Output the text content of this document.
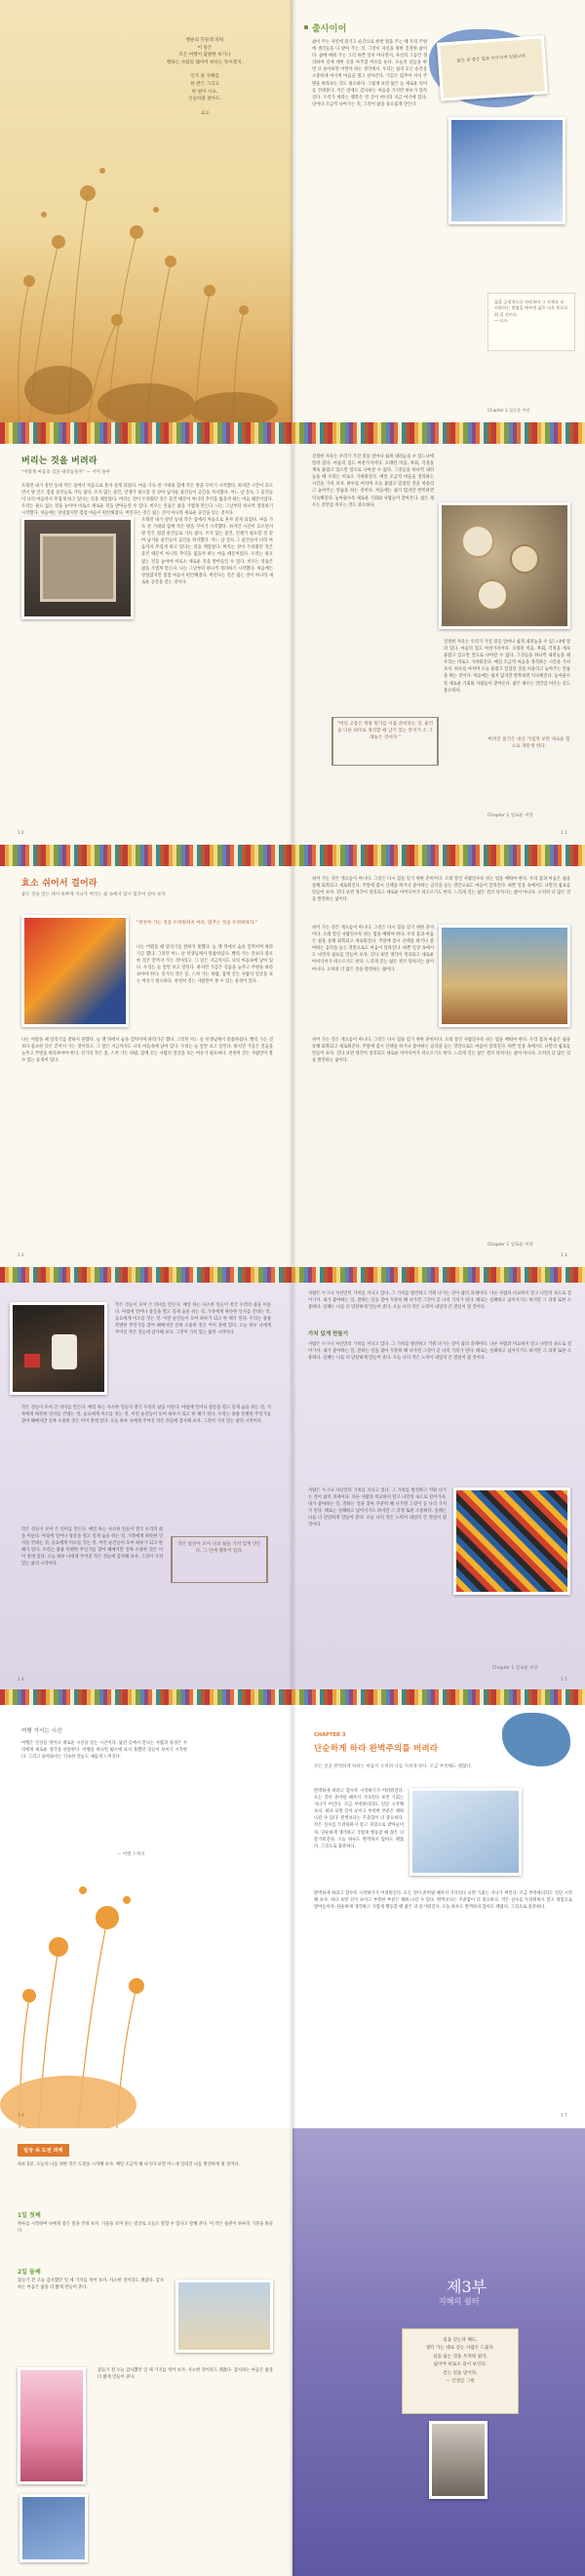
행운의 민들레 피워
이 앞은
모든 여행이 출발한 하기나
행하는 사람의 웨어어 한다는 뜻이겠지.
인가 살 사해를
한 번은 그리고
한 편이 시요,
산들바람 살아도.
요소
출사이어
삶이 주는 자연에 즐기고 순간으로 한번 빛을 주는 때 우리 주변에 생각들을 다 받아 주는 것, 그것이 자신을 위한 진정한 삶이다. 삶에 배워 가는 그리 바쁜 일이 아니면서, 자신의 그동안 정리하며 길에 대한 길을 마주할 여유를 둔다. 오늘의 날들을 한 번 더 돌아보면 어떨까 하는 생각에서. 우리는 삶의 모든 순간을 소중하게 여기며 마음을 열고 살아간다. 가끔은 멈추어 서서 주변을 바라보는 것도 필요하다. 그렇게 보면 삶은 늘 새로운 의미를 건네준다. 작은 일에도 감사하는 마음을 가지면 하루가 달라진다. 우리가 바라는 행복은 먼 곳이 아니라 지금 여기에 있다. 날마다 조금씩 나아가는 것, 그것이 삶을 풍요롭게 만든다.
삶은 곧 좋은 일로 이루어져 있습니다.
삶을 긍정적으로 바라보며 그 자체를 더 사랑하는 방법을 배우면 삶은 더욱 풍요로워 질 것이다.
— 요소
Chapter 1 일로운 씨앗
버리는 것을 버려라
"어떻게 마음의 짐을 내려놓을까" — 서미 솔루
오래전 내가 살던 동네 작은 집에서 처음으로 혼자 살게 되었다. 마음 가득 찬 기대와 함께 작은 방을 꾸미기 시작했다. 하지만 시간이 흐르면서 방 안은 점점 물건들로 가득 찼다. 쓰지 않는 물건, 언젠가 필요할 것 같아 남겨둔 물건들이 공간을 차지했다. 어느 날 문득 그 물건들이 나의 마음까지 무겁게 하고 있다는 것을 깨달았다. 버리는 것이 두려웠던 것은 물건 때문이 아니라 추억을 잃을까 하는 마음 때문이었다. 우리는 필요 없는 것을 놓아야 비로소 새로운 것을 받아들일 수 있다. 비우는 연습은 삶을 가볍게 만든다. 나는 그날부터 하나씩 정리하기 시작했다. 처음에는 망설였지만 점점 마음이 편안해졌다. 버린다는 것은 잃는 것이 아니라 새로운 공간을 얻는 것이다.
오래전 내가 살던 동네 작은 집에서 처음으로 혼자 살게 되었다. 마음 가득 찬 기대와 함께 작은 방을 꾸미기 시작했다. 하지만 시간이 흐르면서 방 안은 점점 물건들로 가득 찼다. 쓰지 않는 물건, 언젠가 필요할 것 같아 남겨둔 물건들이 공간을 차지했다. 어느 날 문득 그 물건들이 나의 마음까지 무겁게 하고 있다는 것을 깨달았다. 버리는 것이 두려웠던 것은 물건 때문이 아니라 추억을 잃을까 하는 마음 때문이었다. 우리는 필요 없는 것을 놓아야 비로소 새로운 것을 받아들일 수 있다. 비우는 연습은 삶을 가볍게 만든다. 나는 그날부터 하나씩 정리하기 시작했다. 처음에는 망설였지만 점점 마음이 편안해졌다. 버린다는 것은 잃는 것이 아니라 새로운 공간을 얻는 것이다.
1 0
진정한 자유는 우리가 가진 것을 얼마나 쉽게 내려놓을 수 있느냐에 달려 있다. 마음의 짐도 마찬가지이다. 오래된 미움, 후회, 걱정을 계속 붙잡고 있으면 앞으로 나아갈 수 없다. 그것들을 하나씩 내려놓을 때 우리는 비로소 가벼워진다. 매일 조금씩 마음을 정리하는 시간을 가져 보자. 하루를 마치며 오늘 붙잡고 있었던 것을 떠올리고 놓아주는 연습을 하는 것이다. 처음에는 쉽지 않지만 반복하면 익숙해진다. 놓아줄수록 새로운 기회와 사람들이 찾아온다. 삶은 채우는 것만큼 비우는 것도 중요하다.
"버린 고통은 정말 원가를 이룰 준비라는 것, 물건을 다른 의미로 정리할 때 남기 있는 만지기 소 그래놓은 것이다."
진정한 자유는 우리가 가진 것을 얼마나 쉽게 내려놓을 수 있느냐에 달려 있다. 마음의 짐도 마찬가지이다. 오래된 미움, 후회, 걱정을 계속 붙잡고 있으면 앞으로 나아갈 수 없다. 그것들을 하나씩 내려놓을 때 우리는 비로소 가벼워진다. 매일 조금씩 마음을 정리하는 시간을 가져 보자. 하루를 마치며 오늘 붙잡고 있었던 것을 떠올리고 놓아주는 연습을 하는 것이다. 처음에는 쉽지 않지만 반복하면 익숙해진다. 놓아줄수록 새로운 기회와 사람들이 찾아온다. 삶은 채우는 것만큼 비우는 것도 중요하다.
버려진 물건은 대신 가볍게 보면 새로운 힘으로 재탄생 한다.
Chapter 1 일로운 씨앗
1 1
효소 쉬어서 걸어라
좋은 것을 얻는 데서 바쁘게 지나가 버리는 삶 속에서 잠시 멈추어 걸어 보자.
"천천히 가는 것을 두려워하지 마라. 멈추는 것을 두려워하라."
나는 어렸을 때 달리기를 잘하지 못했다. 늘 맨 뒤에서 숨을 헐떡이며 따라가곤 했다. 그러던 어느 날 선생님께서 말씀하셨다. 빨리 가는 것보다 중요한 것은 끝까지 가는 것이라고. 그 말은 지금까지도 나의 마음속에 남아 있다. 우리는 늘 앞만 보고 달린다. 하지만 가끔은 걸음을 늦추고 주변을 바라보아야 한다. 길가의 작은 꽃, 스쳐 가는 바람, 함께 걷는 사람의 얼굴을 보는 여유가 필요하다. 천천히 걷는 사람만이 볼 수 있는 풍경이 있다.
나는 어렸을 때 달리기를 잘하지 못했다. 늘 맨 뒤에서 숨을 헐떡이며 따라가곤 했다. 그러던 어느 날 선생님께서 말씀하셨다. 빨리 가는 것보다 중요한 것은 끝까지 가는 것이라고. 그 말은 지금까지도 나의 마음속에 남아 있다. 우리는 늘 앞만 보고 달린다. 하지만 가끔은 걸음을 늦추고 주변을 바라보아야 한다. 길가의 작은 꽃, 스쳐 가는 바람, 함께 걷는 사람의 얼굴을 보는 여유가 필요하다. 천천히 걷는 사람만이 볼 수 있는 풍경이 있다.
1 2
쉬어 가는 것은 게으름이 아니다. 그것은 다시 힘을 얻기 위한 준비이다. 오래 달린 사람일수록 쉬는 법을 배워야 한다. 우리 몸과 마음은 쉼을 통해 회복되고 새로워진다. 주말에 잠시 산책을 하거나 좋아하는 음악을 듣는 것만으로도 마음이 달라진다. 바쁜 일상 속에서도 나만의 쉼표를 만들어 보자. 걷다 보면 생각이 정리되고 새로운 아이디어가 떠오르기도 한다. 느리게 걷는 삶은 결코 뒤처지는 삶이 아니다. 오히려 더 많은 것을 발견하는 삶이다.
쉬어 가는 것은 게으름이 아니다. 그것은 다시 힘을 얻기 위한 준비이다. 오래 달린 사람일수록 쉬는 법을 배워야 한다. 우리 몸과 마음은 쉼을 통해 회복되고 새로워진다. 주말에 잠시 산책을 하거나 좋아하는 음악을 듣는 것만으로도 마음이 달라진다. 바쁜 일상 속에서도 나만의 쉼표를 만들어 보자. 걷다 보면 생각이 정리되고 새로운 아이디어가 떠오르기도 한다. 느리게 걷는 삶은 결코 뒤처지는 삶이 아니다. 오히려 더 많은 것을 발견하는 삶이다.
쉬어 가는 것은 게으름이 아니다. 그것은 다시 힘을 얻기 위한 준비이다. 오래 달린 사람일수록 쉬는 법을 배워야 한다. 우리 몸과 마음은 쉼을 통해 회복되고 새로워진다. 주말에 잠시 산책을 하거나 좋아하는 음악을 듣는 것만으로도 마음이 달라진다. 바쁜 일상 속에서도 나만의 쉼표를 만들어 보자. 걷다 보면 생각이 정리되고 새로운 아이디어가 떠오르기도 한다. 느리게 걷는 삶은 결코 뒤처지는 삶이 아니다. 오히려 더 많은 것을 발견하는 삶이다.
Chapter 1 일로운 씨앗
1 3
작은 것들이 모여 큰 의미를 만든다. 매일 하는 사소한 일들이 결국 우리의 삶을 이룬다. 아침에 일어나 창문을 열고 깊게 숨을 쉬는 것, 가족에게 따뜻한 인사를 건네는 것, 동료에게 미소를 짓는 것. 이런 순간들이 모여 하루가 되고 한 해가 된다. 우리는 종종 특별한 무언가를 찾아 헤매지만 진짜 소중한 것은 이미 곁에 있다. 오늘 하루 나에게 주어진 작은 것들에 감사해 보자. 그것이 가치 있는 삶의 시작이다.
작은 것들이 모여 큰 의미를 만든다. 매일 하는 사소한 일들이 결국 우리의 삶을 이룬다. 아침에 일어나 창문을 열고 깊게 숨을 쉬는 것, 가족에게 따뜻한 인사를 건네는 것, 동료에게 미소를 짓는 것. 이런 순간들이 모여 하루가 되고 한 해가 된다. 우리는 종종 특별한 무언가를 찾아 헤매지만 진짜 소중한 것은 이미 곁에 있다. 오늘 하루 나에게 주어진 작은 것들에 감사해 보자. 그것이 가치 있는 삶의 시작이다.
작은 것들이 모여 큰 의미를 만든다. 매일 하는 사소한 일들이 결국 우리의 삶을 이룬다. 아침에 일어나 창문을 열고 깊게 숨을 쉬는 것, 가족에게 따뜻한 인사를 건네는 것, 동료에게 미소를 짓는 것. 이런 순간들이 모여 하루가 되고 한 해가 된다. 우리는 종종 특별한 무언가를 찾아 헤매지만 진짜 소중한 것은 이미 곁에 있다. 오늘 하루 나에게 주어진 작은 것들에 감사해 보자. 그것이 가치 있는 삶의 시작이다.
작은 일상이 모여 나의 삶을 가치 있게 만든다. 그 안에 행복이 있다.
1 4
사람은 누구나 자신만의 가치를 지니고 있다. 그 가치를 발견하고 키워 나가는 것이 삶의 과제이다. 다른 사람과 비교하지 말고 나만의 속도로 걸어가자. 내가 좋아하는 일, 잘하는 일을 찾아 꾸준히 해 나가면 그것이 곧 나의 가치가 된다. 때로는 실패하고 넘어지기도 하지만 그 과정 또한 소중하다. 실패는 나를 더 단단하게 만들어 준다. 오늘 나의 작은 노력이 내일의 큰 결실이 될 것이다.
가치 있게 만들기
사람은 누구나 자신만의 가치를 지니고 있다. 그 가치를 발견하고 키워 나가는 것이 삶의 과제이다. 다른 사람과 비교하지 말고 나만의 속도로 걸어가자. 내가 좋아하는 일, 잘하는 일을 찾아 꾸준히 해 나가면 그것이 곧 나의 가치가 된다. 때로는 실패하고 넘어지기도 하지만 그 과정 또한 소중하다. 실패는 나를 더 단단하게 만들어 준다. 오늘 나의 작은 노력이 내일의 큰 결실이 될 것이다.
사람은 누구나 자신만의 가치를 지니고 있다. 그 가치를 발견하고 키워 나가는 것이 삶의 과제이다. 다른 사람과 비교하지 말고 나만의 속도로 걸어가자. 내가 좋아하는 일, 잘하는 일을 찾아 꾸준히 해 나가면 그것이 곧 나의 가치가 된다. 때로는 실패하고 넘어지기도 하지만 그 과정 또한 소중하다. 실패는 나를 더 단단하게 만들어 준다. 오늘 나의 작은 노력이 내일의 큰 결실이 될 것이다.
Chapter 1 일로운 씨앗
1 5
여행 가서는 시선
여행은 일상을 벗어나 새로운 시선을 얻는 시간이다. 낯선 곳에서 만나는 사람과 풍경은 우리에게 새로운 생각을 선물한다. 여행을 떠나면 평소에 보지 못했던 것들이 보이기 시작한다. 그리고 돌아와서는 익숙한 것들도 새롭게 느껴진다.
— 여행 스케치
1 6
CHAPTER 3
단순하게 하라 완벽주의를 버려라
모든 것을 완벽하게 하려는 마음이 오히려 나를 지치게 한다. 조금 부족해도 괜찮다.
완벽하게 하려고 할수록 시작하기가 어려워진다. 모든 것이 준비될 때까지 기다리다 보면 기회는 지나가 버린다. 조금 부족하더라도 일단 시작해 보자. 하다 보면 길이 보이고 부족한 부분은 채워 나갈 수 있다. 완벽보다는 꾸준함이 더 중요하다. 작은 실수를 두려워하지 말고 경험으로 받아들이자. 단순하게 생각하고 가볍게 행동할 때 삶은 더 즐거워진다. 오늘 하루도 완벽하지 않아도 괜찮다. 그것으로 충분하다.
완벽하게 하려고 할수록 시작하기가 어려워진다. 모든 것이 준비될 때까지 기다리다 보면 기회는 지나가 버린다. 조금 부족하더라도 일단 시작해 보자. 하다 보면 길이 보이고 부족한 부분은 채워 나갈 수 있다. 완벽보다는 꾸준함이 더 중요하다. 작은 실수를 두려워하지 말고 경험으로 받아들이자. 단순하게 생각하고 가볍게 행동할 때 삶은 더 즐거워진다. 오늘 하루도 완벽하지 않아도 괜찮다. 그것으로 충분하다.
1 7
일상 속 도전 과제
하루 5분, 오늘의 나를 위한 작은 도전을 시작해 보자. 매일 조금씩 해 나가다 보면 어느새 달라진 나를 발견하게 될 것이다.
1일 첫째
하루를 시작하며 나에게 좋은 말을 건네 보자. 거울을 보며 웃는 얼굴로 오늘도 잘할 수 있다고 말해 준다. 이 작은 습관이 하루의 기분을 바꾼다.
2일 둘째
잠들기 전 오늘 감사했던 일 세 가지를 적어 보자. 사소한 것이라도 괜찮다. 감사하는 마음은 삶을 더 밝게 만들어 준다.
잠들기 전 오늘 감사했던 일 세 가지를 적어 보자. 사소한 것이라도 괜찮다. 감사하는 마음은 삶을 더 밝게 만들어 준다.
제3부
지혜의 쉼터
길을 걷는다 해도,
생각 가는 대로 걷는 사람은 드물다.
길을 잃는 것을 두려워 말라.
잃어야 비로소 길이 보인다.
걷는 길을 믿어라.
— 안셀름 그륀
